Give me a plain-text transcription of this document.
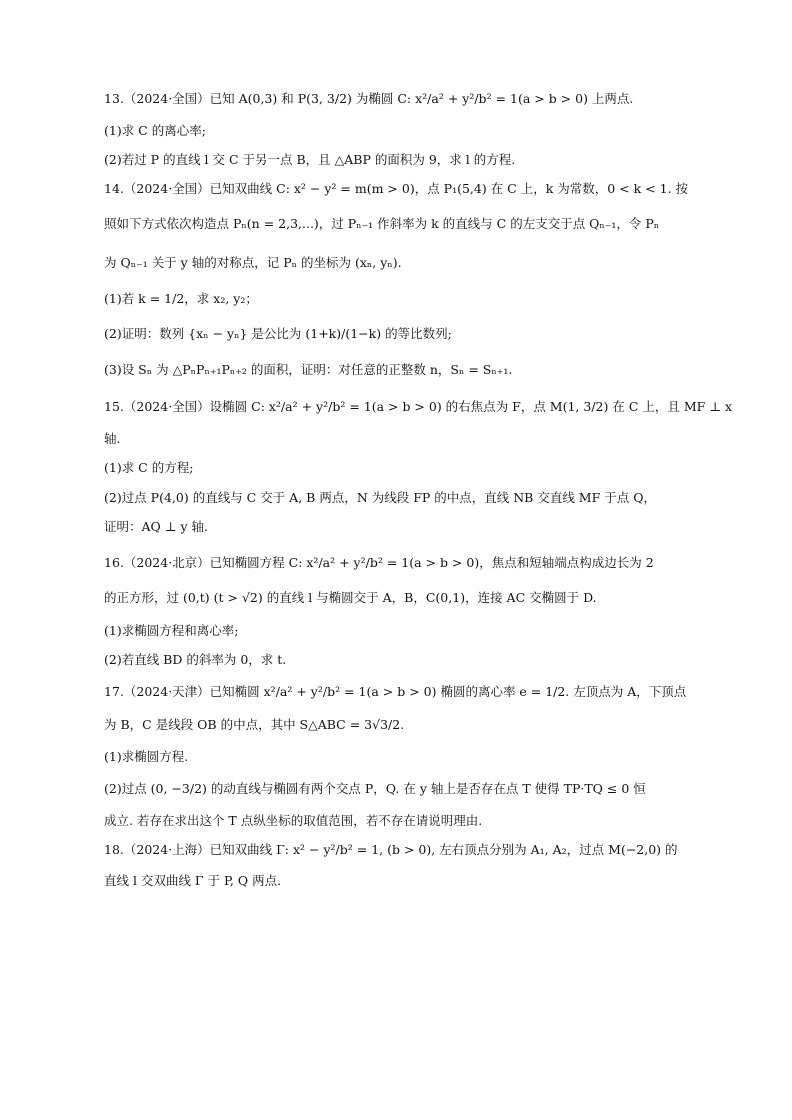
13.（2024·全国）已知 A(0,3) 和 P(3, 3/2) 为椭圆 C: x²/a² + y²/b² = 1(a > b > 0) 上两点.
(1)求 C 的离心率;
(2)若过 P 的直线 l 交 C 于另一点 B，且 △ABP 的面积为 9，求 l 的方程.
14.（2024·全国）已知双曲线 C: x² − y² = m(m > 0)，点 P₁(5,4) 在 C 上，k 为常数，0 < k < 1. 按
照如下方式依次构造点 Pₙ(n = 2,3,...)，过 Pₙ₋₁ 作斜率为 k 的直线与 C 的左支交于点 Qₙ₋₁，令 Pₙ
为 Qₙ₋₁ 关于 y 轴的对称点，记 Pₙ 的坐标为 (xₙ, yₙ).
(1)若 k = 1/2，求 x₂, y₂；
(2)证明：数列 {xₙ − yₙ} 是公比为 (1+k)/(1−k) 的等比数列;
(3)设 Sₙ 为 △PₙPₙ₊₁Pₙ₊₂ 的面积，证明：对任意的正整数 n，Sₙ = Sₙ₊₁.
15.（2024·全国）设椭圆 C: x²/a² + y²/b² = 1(a > b > 0) 的右焦点为 F，点 M(1, 3/2) 在 C 上，且 MF ⊥ x
轴.
(1)求 C 的方程;
(2)过点 P(4,0) 的直线与 C 交于 A, B 两点，N 为线段 FP 的中点，直线 NB 交直线 MF 于点 Q，
证明：AQ ⊥ y 轴.
16.（2024·北京）已知椭圆方程 C: x²/a² + y²/b² = 1(a > b > 0)，焦点和短轴端点构成边长为 2
的正方形，过 (0,t) (t > √2) 的直线 l 与椭圆交于 A，B，C(0,1)，连接 AC 交椭圆于 D.
(1)求椭圆方程和离心率;
(2)若直线 BD 的斜率为 0，求 t.
17.（2024·天津）已知椭圆 x²/a² + y²/b² = 1(a > b > 0) 椭圆的离心率 e = 1/2. 左顶点为 A，下顶点
为 B，C 是线段 OB 的中点，其中 S△ABC = 3√3/2.
(1)求椭圆方程.
(2)过点 (0, −3/2) 的动直线与椭圆有两个交点 P，Q. 在 y 轴上是否存在点 T 使得 TP·TQ ≤ 0 恒
成立. 若存在求出这个 T 点纵坐标的取值范围，若不存在请说明理由.
18.（2024·上海）已知双曲线 Γ: x² − y²/b² = 1, (b > 0), 左右顶点分别为 A₁, A₂，过点 M(−2,0) 的
直线 l 交双曲线 Γ 于 P, Q 两点.
